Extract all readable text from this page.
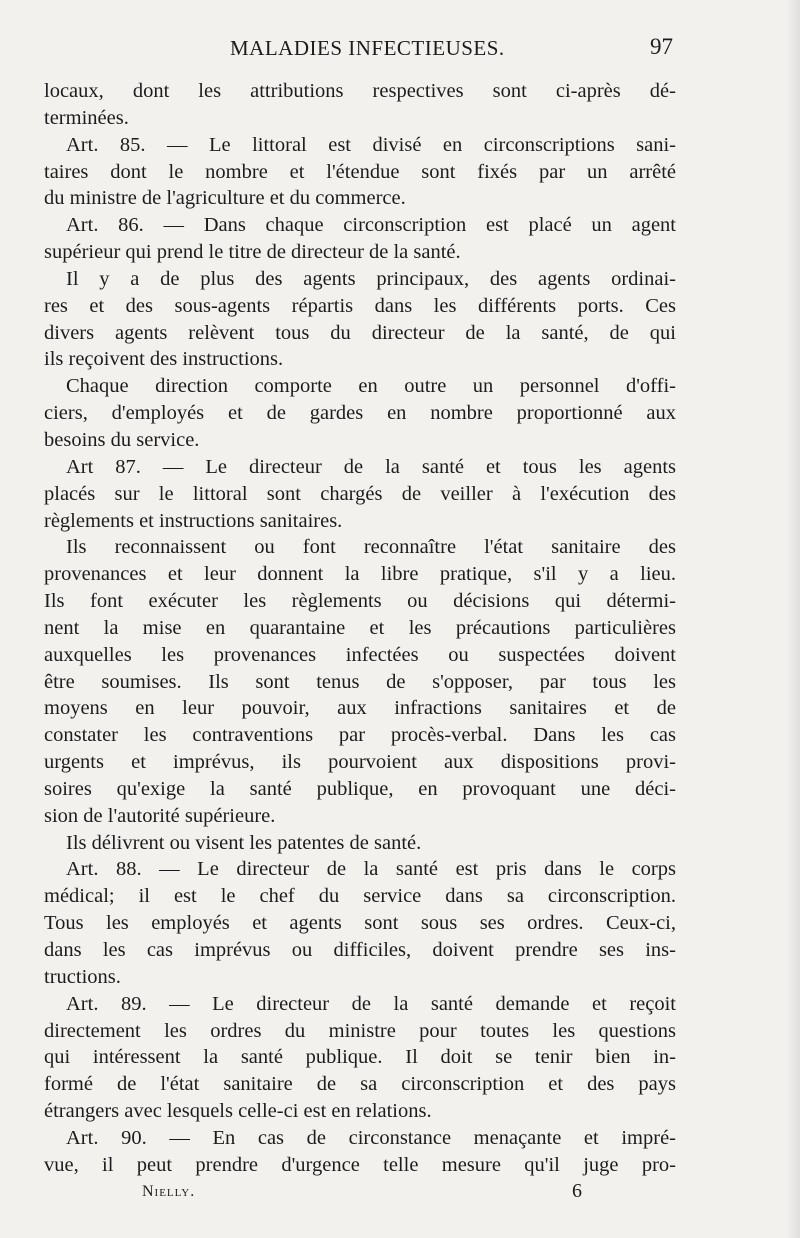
MALADIES INFECTIEUSES.	97
locaux, dont les attributions respectives sont ci-après dé-
terminées.
Art. 85. — Le littoral est divisé en circonscriptions sani-
taires dont le nombre et l'étendue sont fixés par un arrêté
du ministre de l'agriculture et du commerce.
Art. 86. — Dans chaque circonscription est placé un agent
supérieur qui prend le titre de directeur de la santé.
Il y a de plus des agents principaux, des agents ordinai-
res et des sous-agents répartis dans les différents ports. Ces
divers agents relèvent tous du directeur de la santé, de qui
ils reçoivent des instructions.
Chaque direction comporte en outre un personnel d'offi-
ciers, d'employés et de gardes en nombre proportionné aux
besoins du service.
Art 87. — Le directeur de la santé et tous les agents
placés sur le littoral sont chargés de veiller à l'exécution des
règlements et instructions sanitaires.
Ils reconnaissent ou font reconnaître l'état sanitaire des
provenances et leur donnent la libre pratique, s'il y a lieu.
Ils font exécuter les règlements ou décisions qui détermi-
nent la mise en quarantaine et les précautions particulières
auxquelles les provenances infectées ou suspectées doivent
être soumises. Ils sont tenus de s'opposer, par tous les
moyens en leur pouvoir, aux infractions sanitaires et de
constater les contraventions par procès-verbal. Dans les cas
urgents et imprévus, ils pourvoient aux dispositions provi-
soires qu'exige la santé publique, en provoquant une déci-
sion de l'autorité supérieure.
Ils délivrent ou visent les patentes de santé.
Art. 88. — Le directeur de la santé est pris dans le corps
médical; il est le chef du service dans sa circonscription.
Tous les employés et agents sont sous ses ordres. Ceux-ci,
dans les cas imprévus ou difficiles, doivent prendre ses ins-
tructions.
Art. 89. — Le directeur de la santé demande et reçoit
directement les ordres du ministre pour toutes les questions
qui intéressent la santé publique. Il doit se tenir bien in-
formé de l'état sanitaire de sa circonscription et des pays
étrangers avec lesquels celle-ci est en relations.
Art. 90. — En cas de circonstance menaçante et impré-
vue, il peut prendre d'urgence telle mesure qu'il juge pro-
Nielly.	6
